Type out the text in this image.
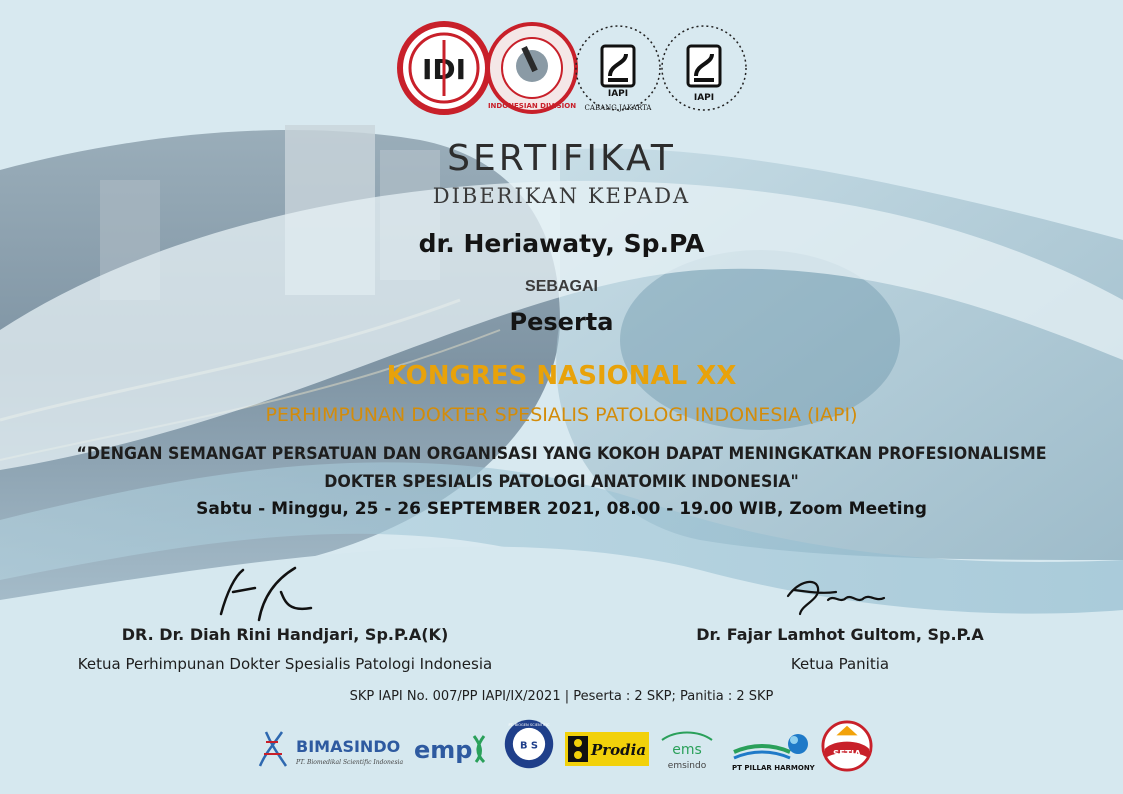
IDI
INDONESIAN DIVISION
IAPI
CABANG JAKARTA
IAPI
SERTIFIKAT
DIBERIKAN KEPADA
dr. Heriawaty, Sp.PA
SEBAGAI
Peserta
KONGRES NASIONAL XX
PERHIMPUNAN DOKTER SPESIALIS PATOLOGI INDONESIA (IAPI)
“DENGAN SEMANGAT PERSATUAN DAN ORGANISASI YANG KOKOH DAPAT MENINGKATKAN PROFESIONALISME
DOKTER SPESIALIS PATOLOGI ANATOMIK INDONESIA"
Sabtu - Minggu, 25 - 26 SEPTEMBER 2021, 08.00 - 19.00 WIB, Zoom Meeting
DR. Dr. Diah Rini Handjari, Sp.P.A(K)
Ketua Perhimpunan Dokter Spesialis Patologi Indonesia
Dr. Fajar Lamhot Gultom, Sp.P.A
Ketua Panitia
SKP IAPI No. 007/PP IAPI/IX/2021 | Peserta : 2 SKP; Panitia : 2 SKP
BIMASINDO
PT. Biomedikal Scientific Indonesia emp	B S
PT. BIOGEN SCIENTIFIC
Prodia ems
emsindo	PT PILLAR HARMONY
SETIA
